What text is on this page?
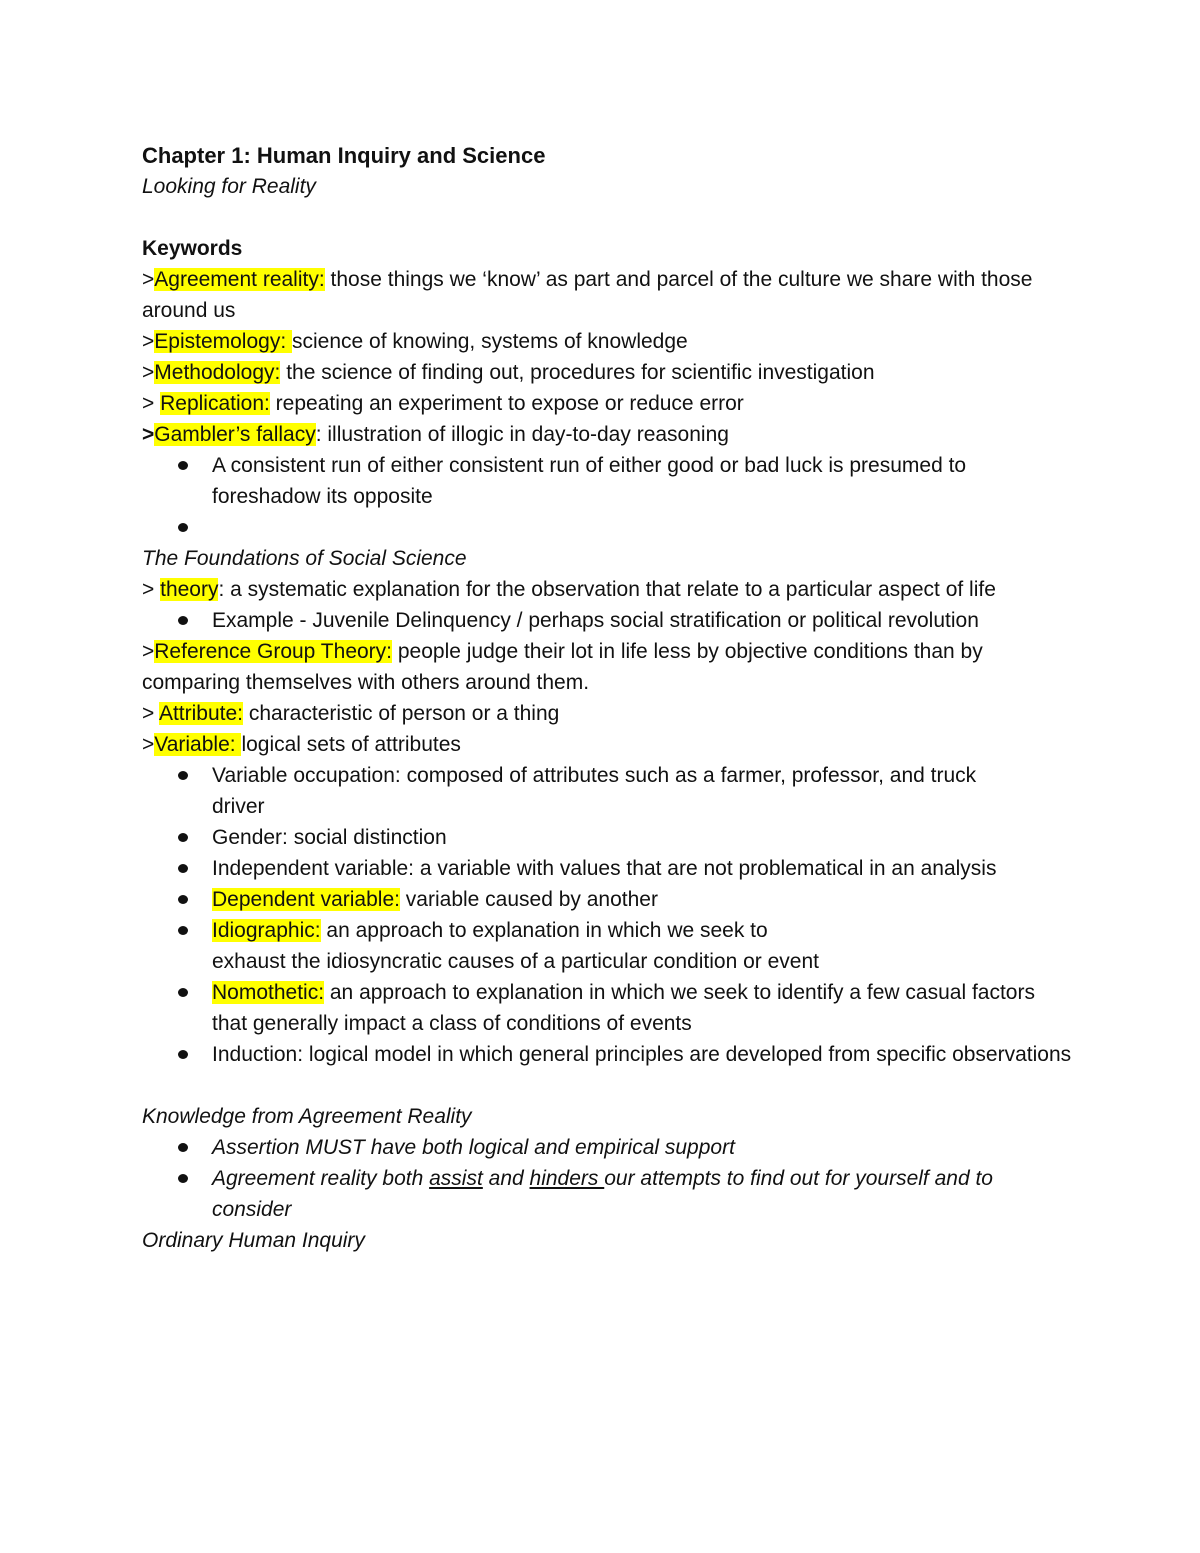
Chapter 1: Human Inquiry and Science

Looking for Reality

Keywords

>Agreement reality: those things we ‘know’ as part and parcel of the culture we share with those around us

>Epistemology: science of knowing, systems of knowledge

>Methodology: the science of finding out, procedures for scientific investigation

> Replication: repeating an experiment to expose or reduce error

>Gambler’s fallacy: illustration of illogic in day-to-day reasoning

A consistent run of either consistent run of either good or bad luck is presumed to foreshadow its opposite

The Foundations of Social Science

> theory: a systematic explanation for the observation that relate to a particular aspect of life

Example - Juvenile Delinquency / perhaps social stratification or political revolution

>Reference Group Theory: people judge their lot in life less by objective conditions than by comparing themselves with others around them.

> Attribute: characteristic of person or a thing

>Variable: logical sets of attributes

Variable occupation: composed of attributes such as a farmer, professor, and truck driver
Gender: social distinction
Independent variable: a variable with values that are not problematical in an analysis
Dependent variable: variable caused by another
Idiographic: an approach to explanation in which we seek to
exhaust the idiosyncratic causes of a particular condition or event
Nomothetic: an approach to explanation in which we seek to identify a few casual factors that generally impact a class of conditions of events
Induction: logical model in which general principles are developed from specific observations

Knowledge from Agreement Reality

Assertion MUST have both logical and empirical support
Agreement reality both assist and hinders our attempts to find out for yourself and to consider

Ordinary Human Inquiry
